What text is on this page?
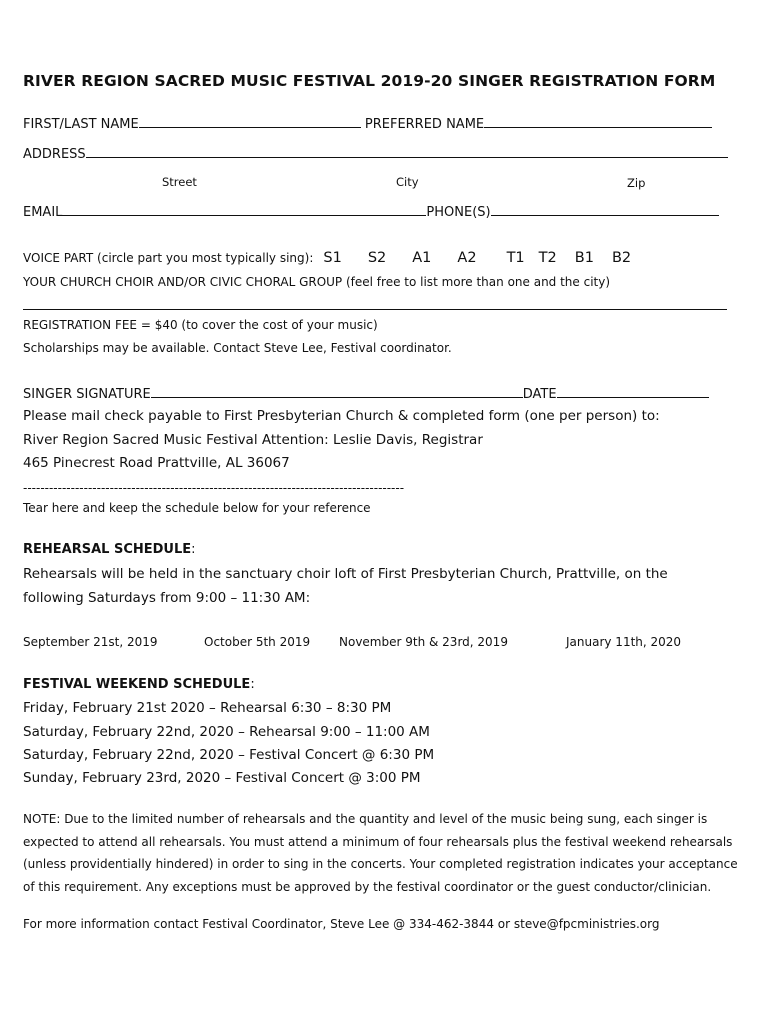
RIVER REGION SACRED MUSIC FESTIVAL 2019-20 SINGER REGISTRATION FORM
FIRST/LAST NAME	PREFERRED NAME
ADDRESS
Street	City	Zip
EMAIL	PHONE(S)
VOICE PART (circle part you most typically sing): S1 S2 A1 A2 T1 T2 B1 B2
YOUR CHURCH CHOIR AND/OR CIVIC CHORAL GROUP (feel free to list more than one and the city)
REGISTRATION FEE = $40 (to cover the cost of your music)
Scholarships may be available. Contact Steve Lee, Festival coordinator.
SINGER SIGNATURE	DATE
Please mail check payable to First Presbyterian Church & completed form (one per person) to:
River Region Sacred Music Festival Attention: Leslie Davis, Registrar
465 Pinecrest Road Prattville, AL 36067
----------------------------------------------------------------------------------------
Tear here and keep the schedule below for your reference
REHEARSAL SCHEDULE:
Rehearsals will be held in the sanctuary choir loft of First Presbyterian Church, Prattville, on the
following Saturdays from 9:00 – 11:30 AM:
September 21st, 2019	October 5th 2019 November 9th & 23rd, 2019	January 11th, 2020
FESTIVAL WEEKEND SCHEDULE:
Friday, February 21st 2020 – Rehearsal 6:30 – 8:30 PM
Saturday, February 22nd, 2020 – Rehearsal 9:00 – 11:00 AM
Saturday, February 22nd, 2020 – Festival Concert @ 6:30 PM
Sunday, February 23rd, 2020 – Festival Concert @ 3:00 PM
NOTE: Due to the limited number of rehearsals and the quantity and level of the music being sung, each singer is expected to attend all rehearsals. You must attend a minimum of four rehearsals plus the festival weekend rehearsals (unless providentially hindered) in order to sing in the concerts. Your completed registration indicates your acceptance of this requirement. Any exceptions must be approved by the festival coordinator or the guest conductor/clinician.
For more information contact Festival Coordinator, Steve Lee @ 334-462-3844 or steve@fpcministries.org
